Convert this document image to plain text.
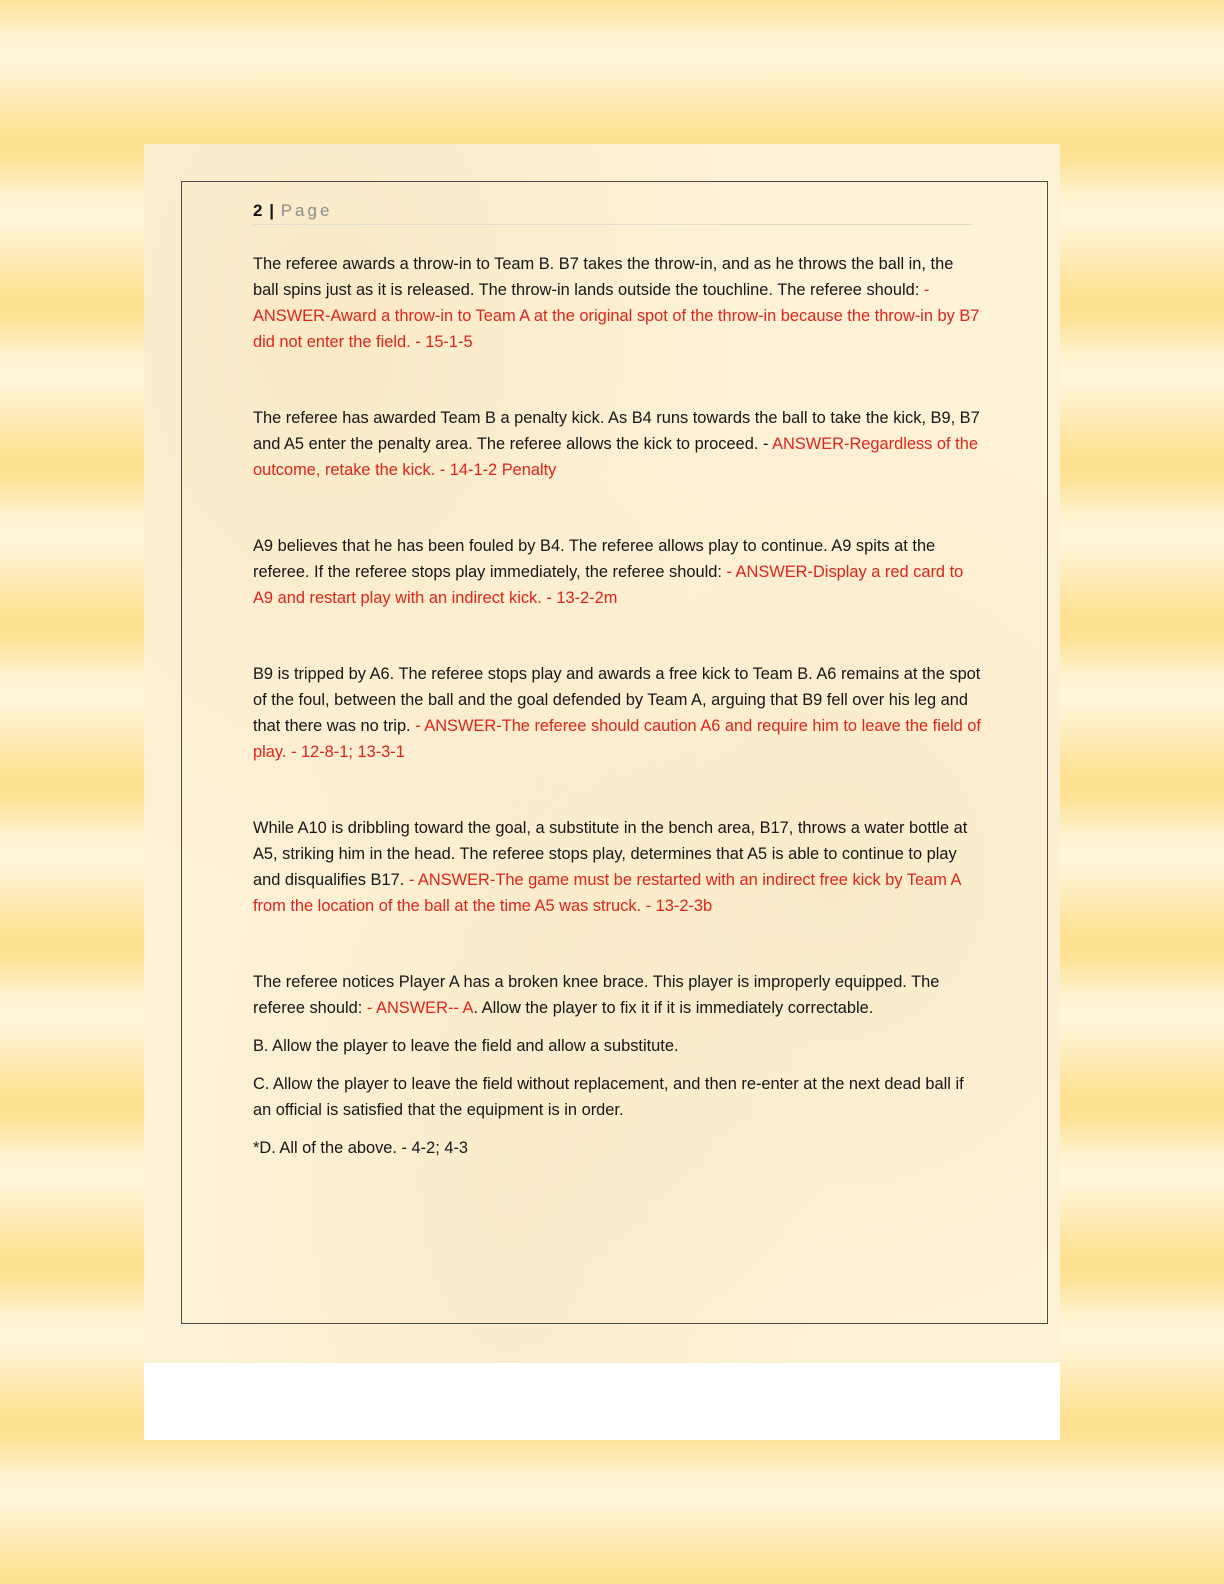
2 | Page

The referee awards a throw-in to Team B. B7 takes the throw-in, and as he throws the ball in, the ball spins just as it is released. The throw-in lands outside the touchline. The referee should: - ANSWER-Award a throw-in to Team A at the original spot of the throw-in because the throw-in by B7 did not enter the field. - 15-1-5

The referee has awarded Team B a penalty kick. As B4 runs towards the ball to take the kick, B9, B7 and A5 enter the penalty area. The referee allows the kick to proceed. - ANSWER-Regardless of the outcome, retake the kick. - 14-1-2 Penalty

A9 believes that he has been fouled by B4. The referee allows play to continue. A9 spits at the referee. If the referee stops play immediately, the referee should: - ANSWER-Display a red card to A9 and restart play with an indirect kick. - 13-2-2m

B9 is tripped by A6. The referee stops play and awards a free kick to Team B. A6 remains at the spot of the foul, between the ball and the goal defended by Team A, arguing that B9 fell over his leg and that there was no trip. - ANSWER-The referee should caution A6 and require him to leave the field of play. - 12-8-1; 13-3-1

While A10 is dribbling toward the goal, a substitute in the bench area, B17, throws a water bottle at A5, striking him in the head. The referee stops play, determines that A5 is able to continue to play and disqualifies B17. - ANSWER-The game must be restarted with an indirect free kick by Team A from the location of the ball at the time A5 was struck. - 13-2-3b

The referee notices Player A has a broken knee brace. This player is improperly equipped. The referee should: - ANSWER-- A. Allow the player to fix it if it is immediately correctable.

B. Allow the player to leave the field and allow a substitute.

C. Allow the player to leave the field without replacement, and then re-enter at the next dead ball if an official is satisfied that the equipment is in order.

*D. All of the above. - 4-2; 4-3
